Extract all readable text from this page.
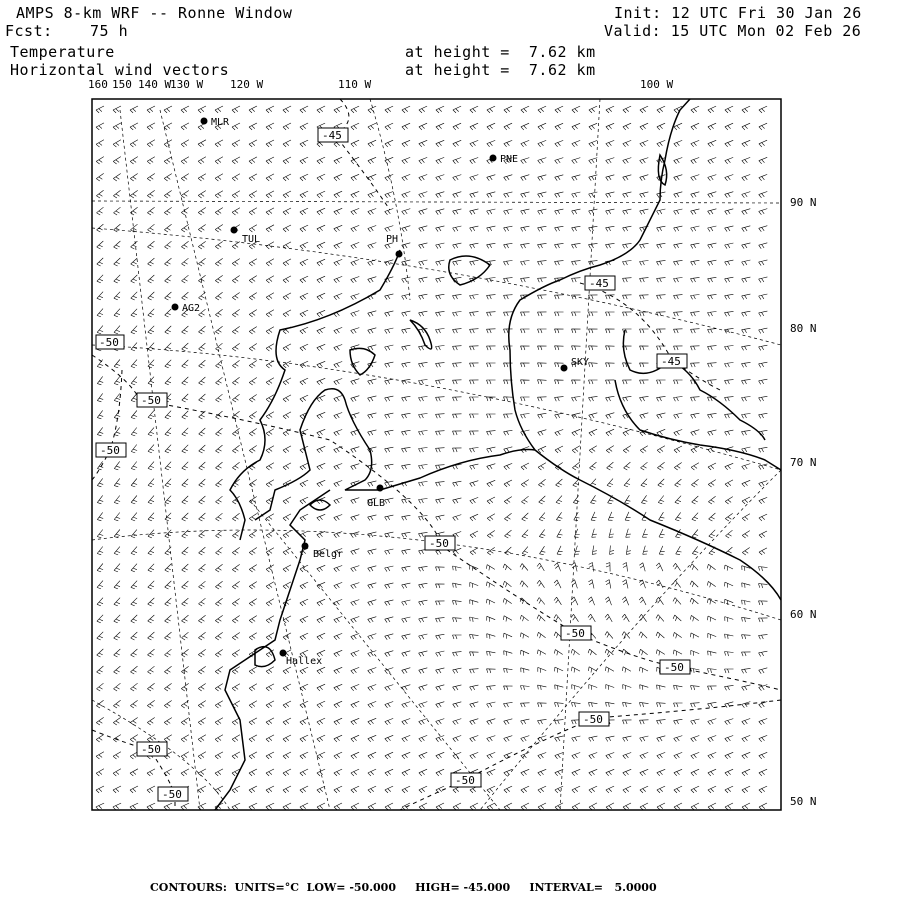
AMPS 8-km WRF -- Ronne Window
Fcst: 75 h
Temperature
Horizontal wind vectors
at height =  7.62 km
at height =  7.62 km
Init: 12 UTC Fri 30 Jan 26
Valid: 15 UTC Mon 02 Feb 26
160 150 140 W
130 W 120 W	110 W	100 W
90 N
80 N
70 N
60 N
50 N
MLR
PNE
TUL	PH
AG2
SKY
GLB
Belgr
Hallex
-45
-45
-45
-50
-50
-50
-50
-50
-50
-50
-50
-50
-50
CONTOURS:  UNITS=°C  LOW= -50.000     HIGH= -45.000     INTERVAL=   5.0000
